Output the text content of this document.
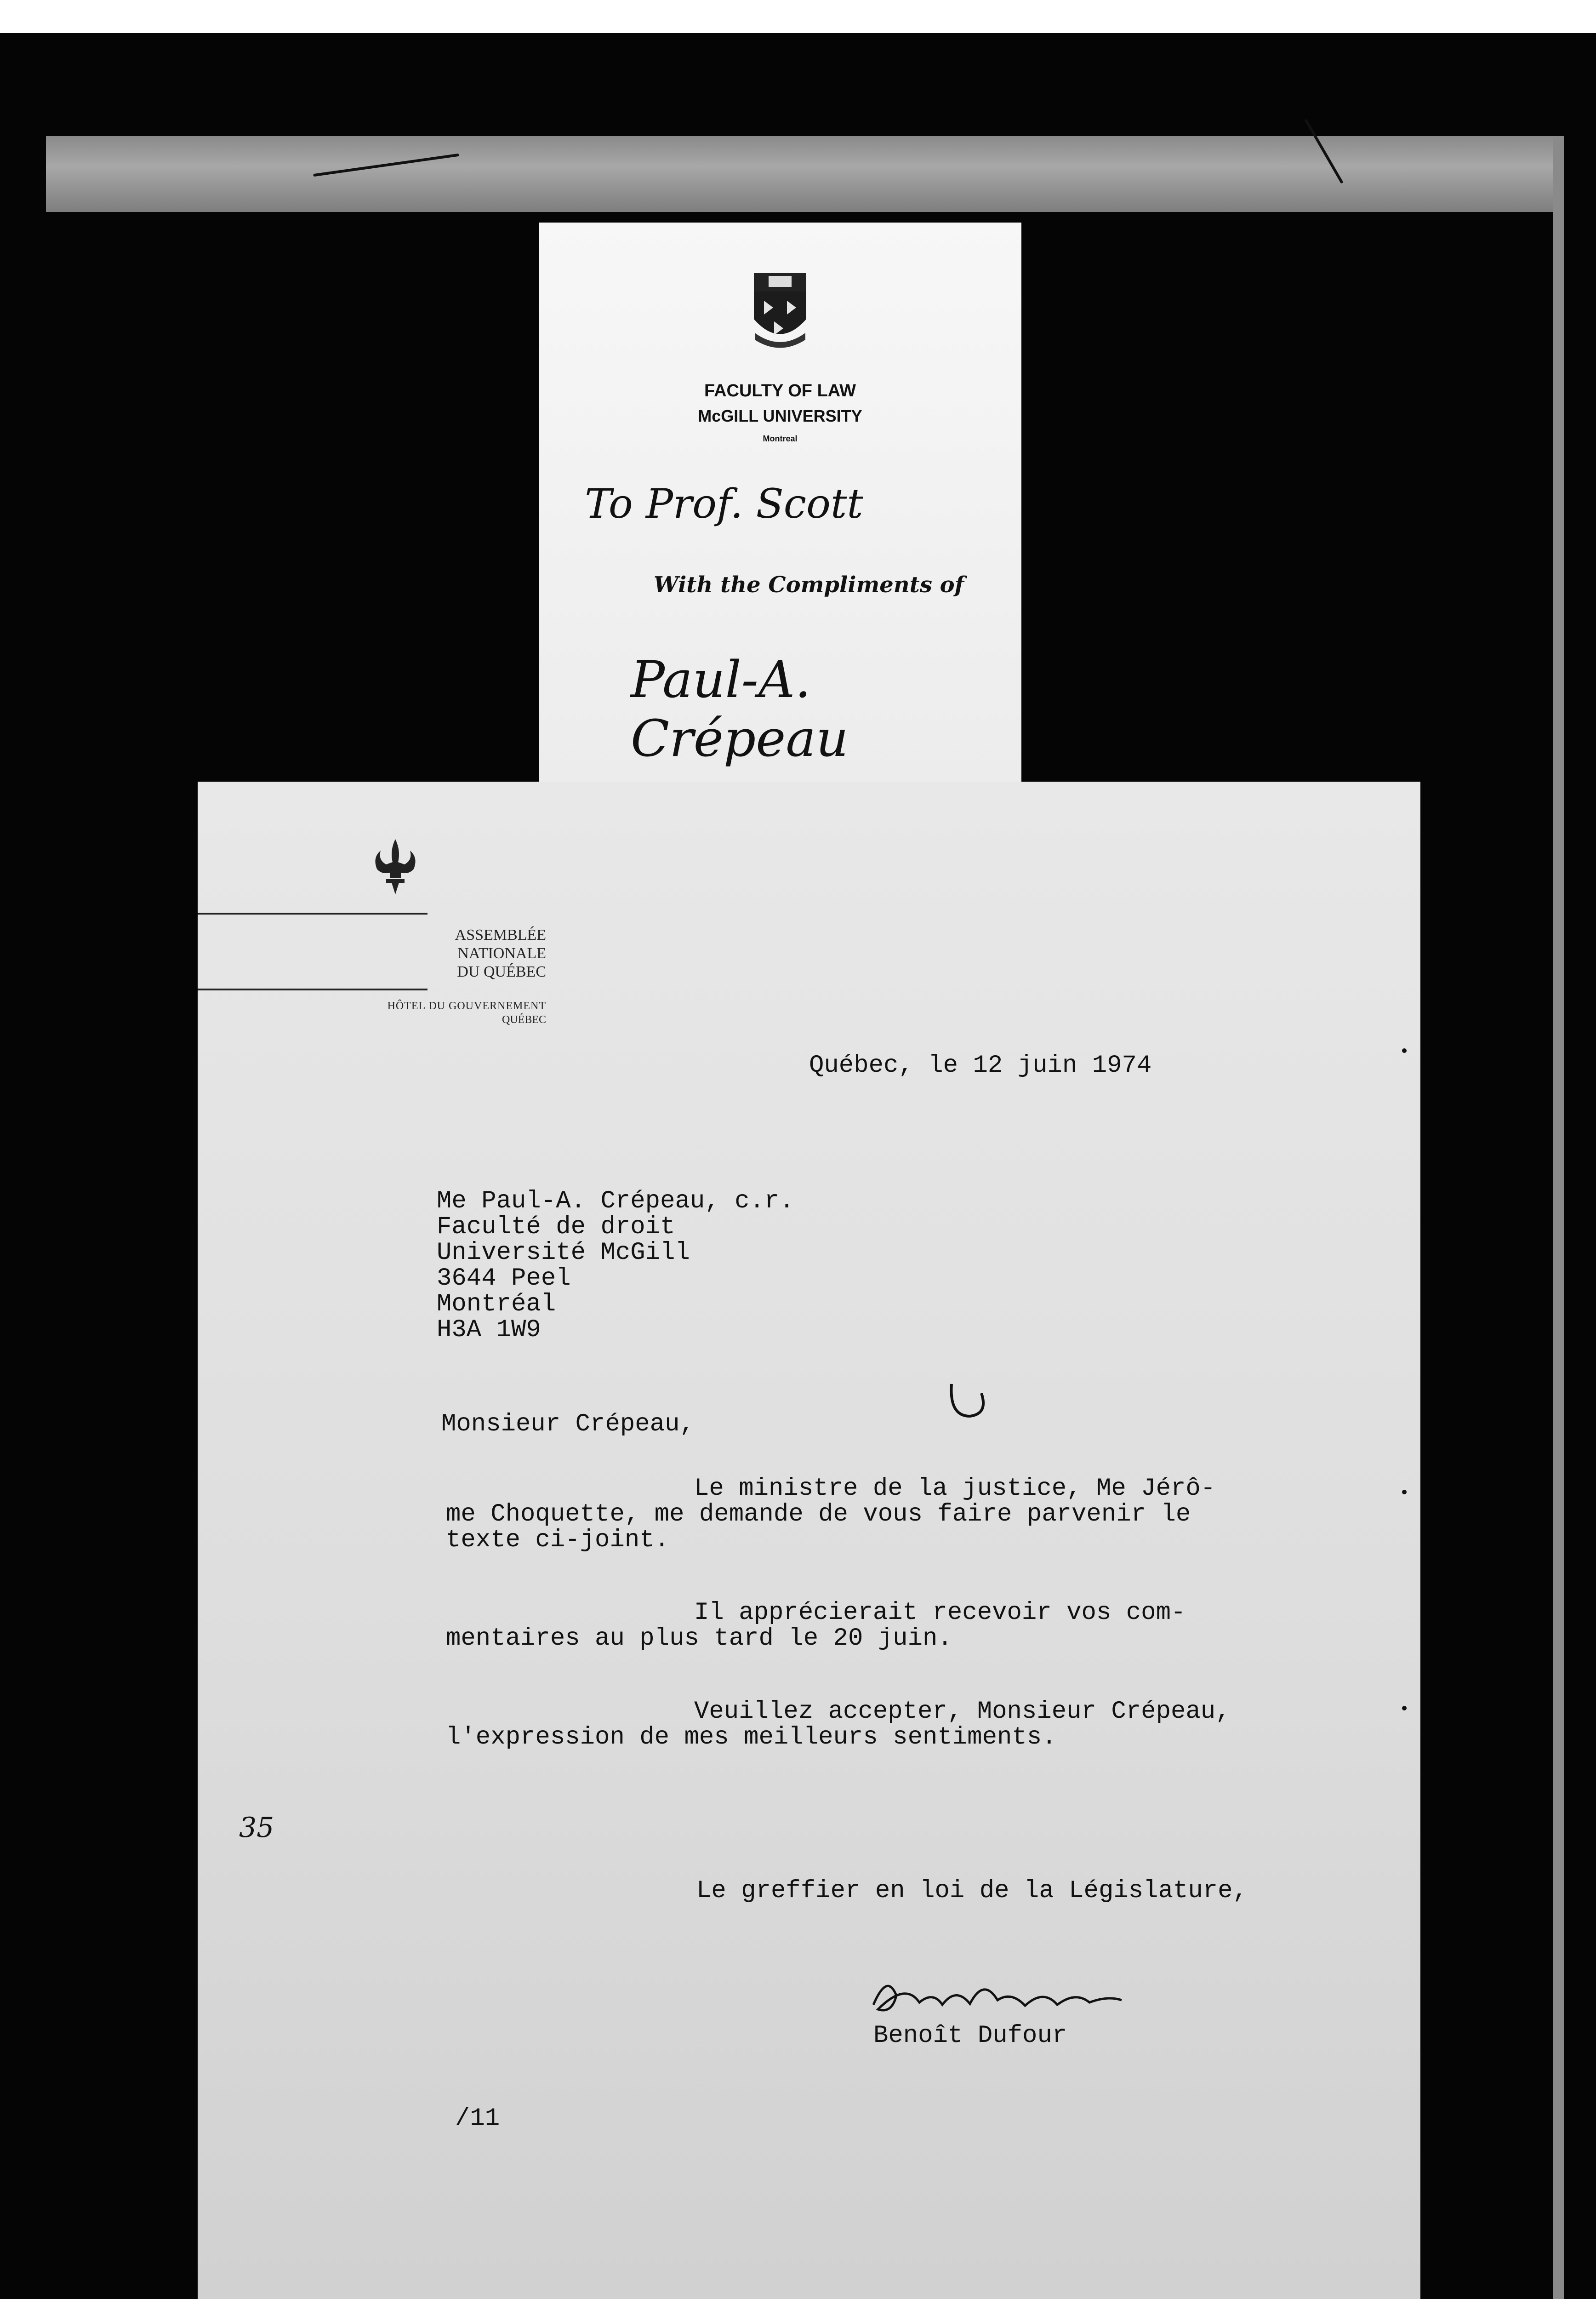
FACULTY OF LAW
McGILL UNIVERSITY
Montreal
To Prof. Scott
With the Compliments of
Paul-A. Crépeau
ASSEMBLÉE
NATIONALE
DU QUÉBEC
HÔTEL DU GOUVERNEMENT
QUÉBEC
Québec, le 12 juin 1974
Me Paul-A. Crépeau, c.r.
Faculté de droit
Université McGill
3644 Peel
Montréal
H3A 1W9
Monsieur Crépeau,
Le ministre de la justice, Me Jérô-
me Choquette, me demande de vous faire parvenir le
texte ci-joint.
Il apprécierait recevoir vos com-
mentaires au plus tard le 20 juin.
Veuillez accepter, Monsieur Crépeau,
l'expression de mes meilleurs sentiments.
35
Le greffier en loi de la Législature,
Benoît Dufour
/11
